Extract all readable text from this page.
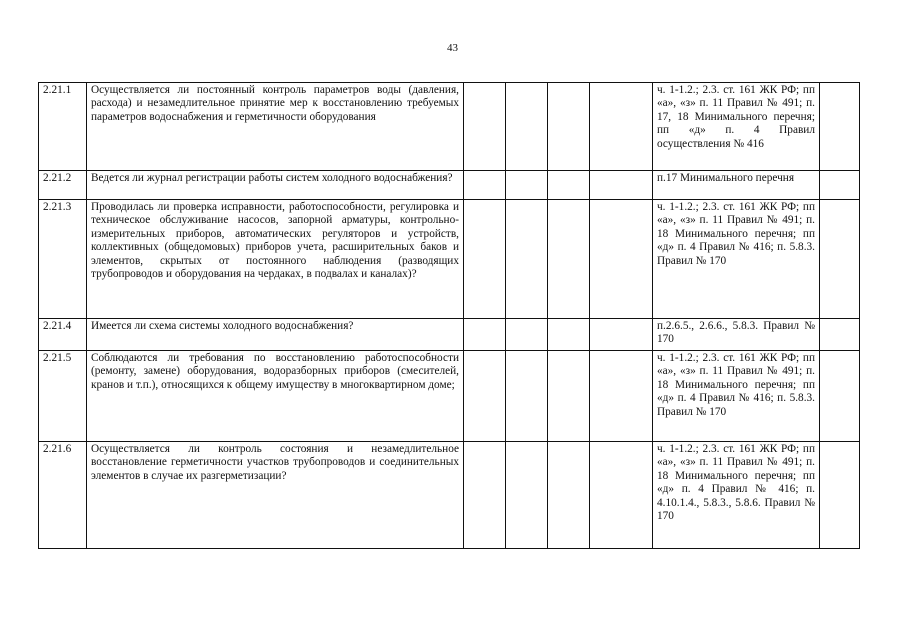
43
2.21.1	Осуществляется ли постоянный контроль параметров воды (давления, расхода) и незамедлительное принятие мер к восстановлению требуемых параметров водоснабжения и герметичности оборудования					ч. 1-1.2.; 2.3. ст. 161 ЖК РФ; пп «а», «з» п. 11 Правил № 491; п. 17, 18 Минимального перечня; пп «д» п. 4 Правил осуществления № 416	
2.21.2	Ведется ли журнал регистрации работы систем холодного водоснабжения?					п.17 Минимального перечня	
2.21.3	Проводилась ли проверка исправности, работоспособности, регулировка и техническое обслуживание насосов, запорной арматуры, контрольно-измерительных приборов, автоматических регуляторов и устройств, коллективных (общедомовых) приборов учета, расширительных баков и элементов, скрытых от постоянного наблюдения (разводящих трубопроводов и оборудования на чердаках, в подвалах и каналах)?					ч. 1-1.2.; 2.3. ст. 161 ЖК РФ; пп «а», «з» п. 11 Правил № 491; п. 18 Минимального перечня; пп «д» п. 4 Правил № 416; п. 5.8.3. Правил № 170	
2.21.4	Имеется ли схема системы холодного водоснабжения?					п.2.6.5., 2.6.6., 5.8.3. Правил № 170	
2.21.5	Соблюдаются ли требования по восстановлению работоспособности (ремонту, замене) оборудования, водоразборных приборов (смесителей, кранов и т.п.), относящихся к общему имуществу в многоквартирном доме;					ч. 1-1.2.; 2.3. ст. 161 ЖК РФ; пп «а», «з» п. 11 Правил № 491; п. 18 Минимального перечня; пп «д» п. 4 Правил № 416; п. 5.8.3. Правил № 170	
2.21.6	Осуществляется ли контроль состояния и незамедлительное восстановление герметичности участков трубопроводов и соединительных элементов в случае их разгерметизации?					ч. 1-1.2.; 2.3. ст. 161 ЖК РФ; пп «а», «з» п. 11 Правил № 491; п. 18 Минимального перечня; пп «д» п. 4 Правил № 416; п. 4.10.1.4., 5.8.3., 5.8.6. Правил № 170	
